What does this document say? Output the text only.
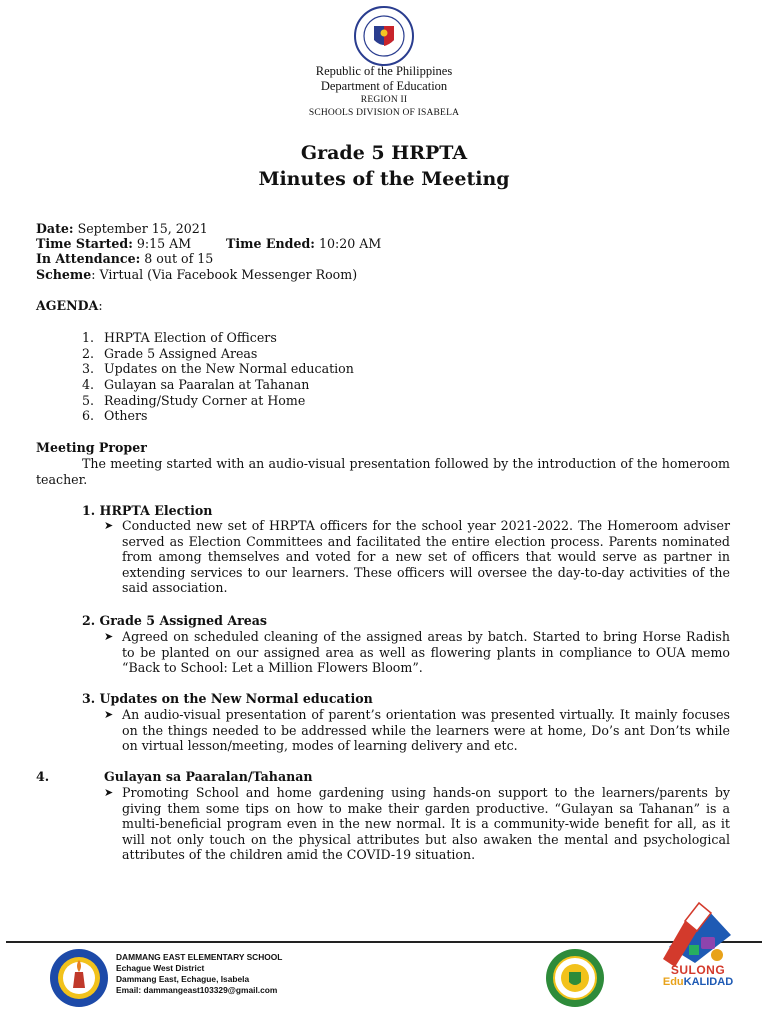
Republic of the Philippines
Department of Education
REGION II
SCHOOLS DIVISION OF ISABELA
Grade 5 HRPTA
Minutes of the Meeting
Date: September 15, 2021
Time Started: 9:15 AM	Time Ended: 10:20 AM
In Attendance: 8 out of 15
Scheme: Virtual (Via Facebook Messenger Room)
AGENDA:
1. HRPTA Election of Officers
2. Grade 5 Assigned Areas
3. Updates on the New Normal education
4. Gulayan sa Paaralan at Tahanan
5. Reading/Study Corner at Home
6. Others
Meeting Proper
The meeting started with an audio-visual presentation followed by the introduction of the homeroom teacher.
1. HRPTA Election
➤ Conducted new set of HRPTA officers for the school year 2021-2022. The Homeroom adviser served as Election Committees and facilitated the entire election process. Parents nominated from among themselves and voted for a new set of officers that would serve as partner in extending services to our learners. These officers will oversee the day-to-day activities of the said association.
2. Grade 5 Assigned Areas
➤ Agreed on scheduled cleaning of the assigned areas by batch. Started to bring Horse Radish to be planted on our assigned area as well as flowering plants in compliance to OUA memo “Back to School: Let a Million Flowers Bloom”.
3. Updates on the New Normal education
➤ An audio-visual presentation of parent’s orientation was presented virtually. It mainly focuses on the things needed to be addressed while the learners were at home, Do’s ant Don’ts while on virtual lesson/meeting, modes of learning delivery and etc.
4.	Gulayan sa Paaralan/Tahanan
➤ Promoting School and home gardening using hands-on support to the learners/parents by giving them some tips on how to make their garden productive. “Gulayan sa Tahanan” is a multi-beneficial program even in the new normal. It is a community-wide benefit for all, as it will not only touch on the physical attributes but also awaken the mental and psychological attributes of the children amid the COVID-19 situation.
DAMMANG EAST ELEMENTARY SCHOOL
Echague West District
Dammang East, Echague, Isabela
Email: dammangeast103329@gmail.com
SULONG
EduKALIDAD
